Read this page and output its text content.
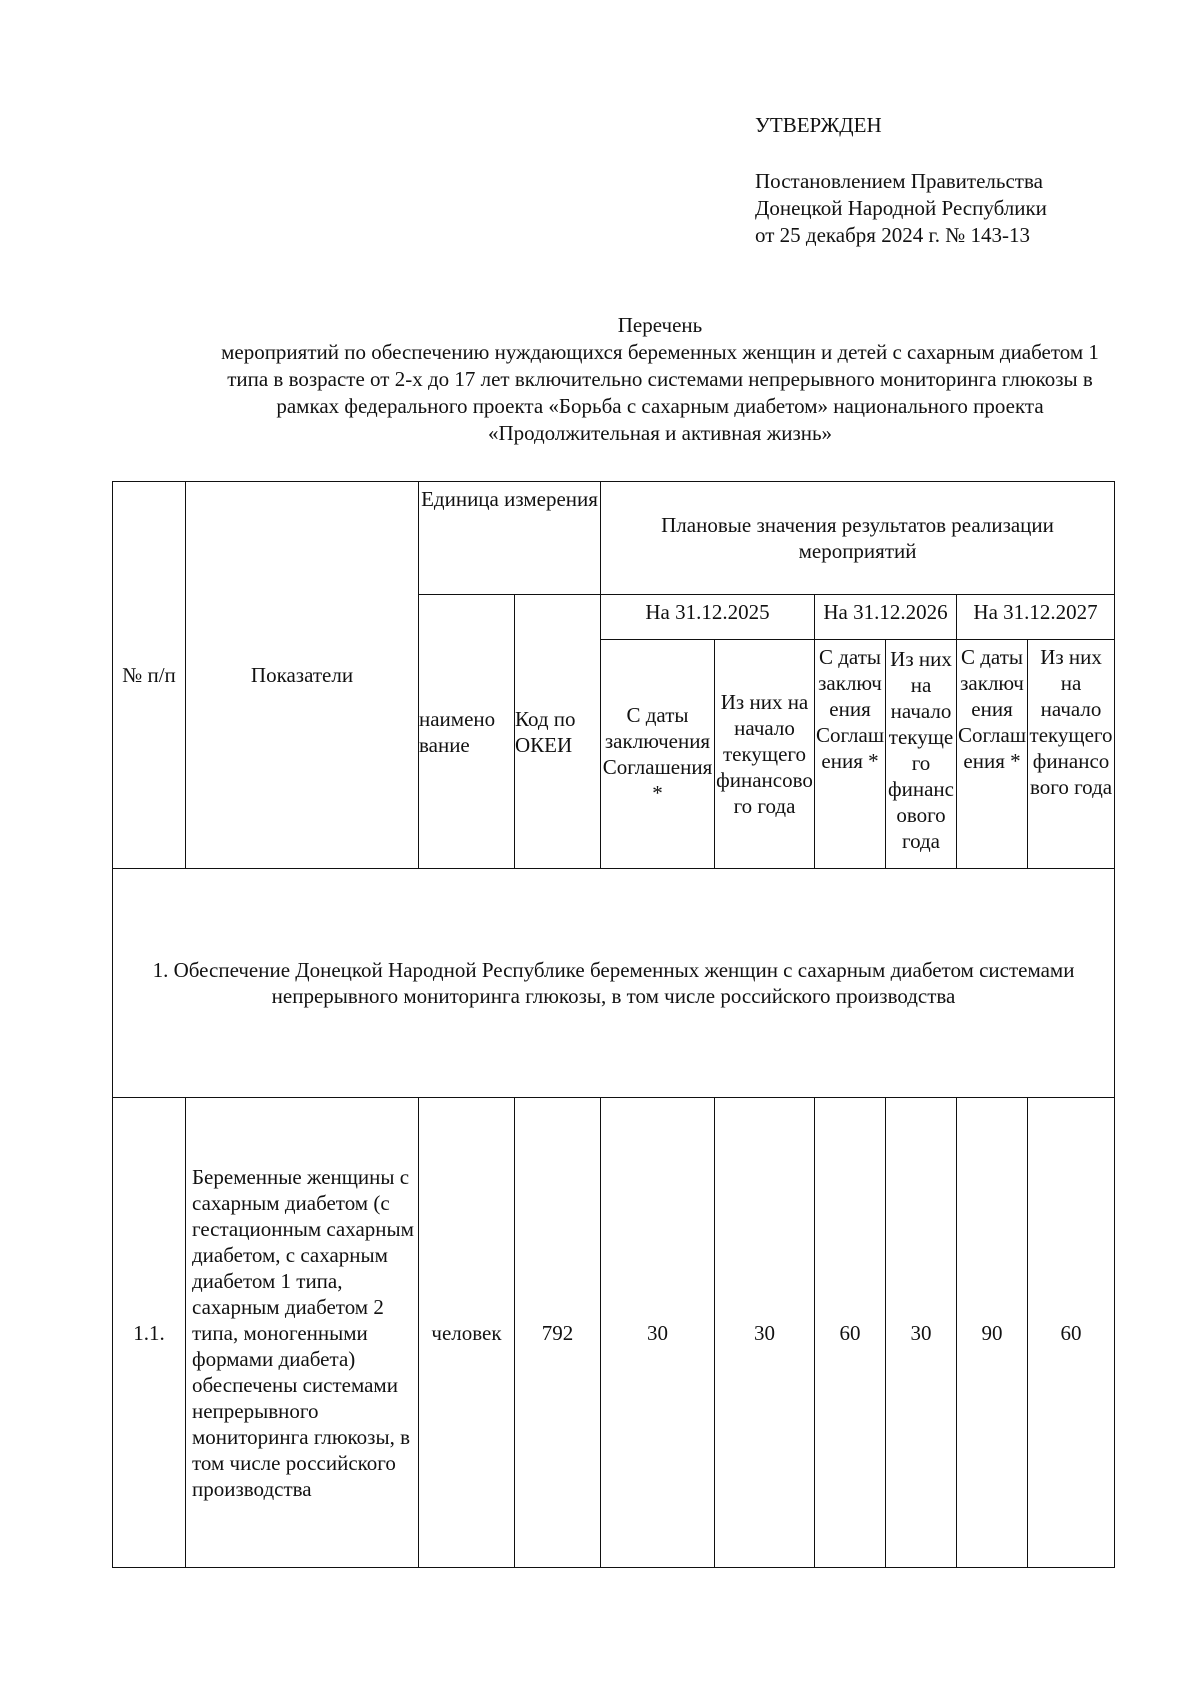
УТВЕРЖДЕН
Постановлением Правительства
Донецкой Народной Республики
от 25 декабря 2024 г. № 143-13
Перечень
мероприятий по обеспечению нуждающихся беременных женщин и детей с сахарным диабетом 1 типа в возрасте от 2-х до 17 лет включительно системами непрерывного мониторинга глюкозы в рамках федерального проекта «Борьба с сахарным диабетом» национального проекта «Продолжительная и активная жизнь»
№ п/п	Показатели	Единица измерения		Плановые значения результатов реализации мероприятий					
		наимено вание	Код по ОКЕИ	На 31.12.2025		На 31.12.2026		На 31.12.2027	
				С даты заключения Соглашения *	Из них на начало текущего финансового года	С даты заключения Соглашения *	Из них на начало текущего финансового года	С даты заключения Соглашения *	Из них на начало текущего финансового года
1. Обеспечение Донецкой Народной Республике беременных женщин с сахарным диабетом системами непрерывного мониторинга глюкозы, в том числе российского производства									
1.1.	Беременные женщины с сахарным диабетом (с гестационным сахарным диабетом, с сахарным диабетом 1 типа, сахарным диабетом 2 типа, моногенными формами диабета) обеспечены системами непрерывного мониторинга глюкозы, в том числе российского производства	человек	792	30	30	60	30	90	60
